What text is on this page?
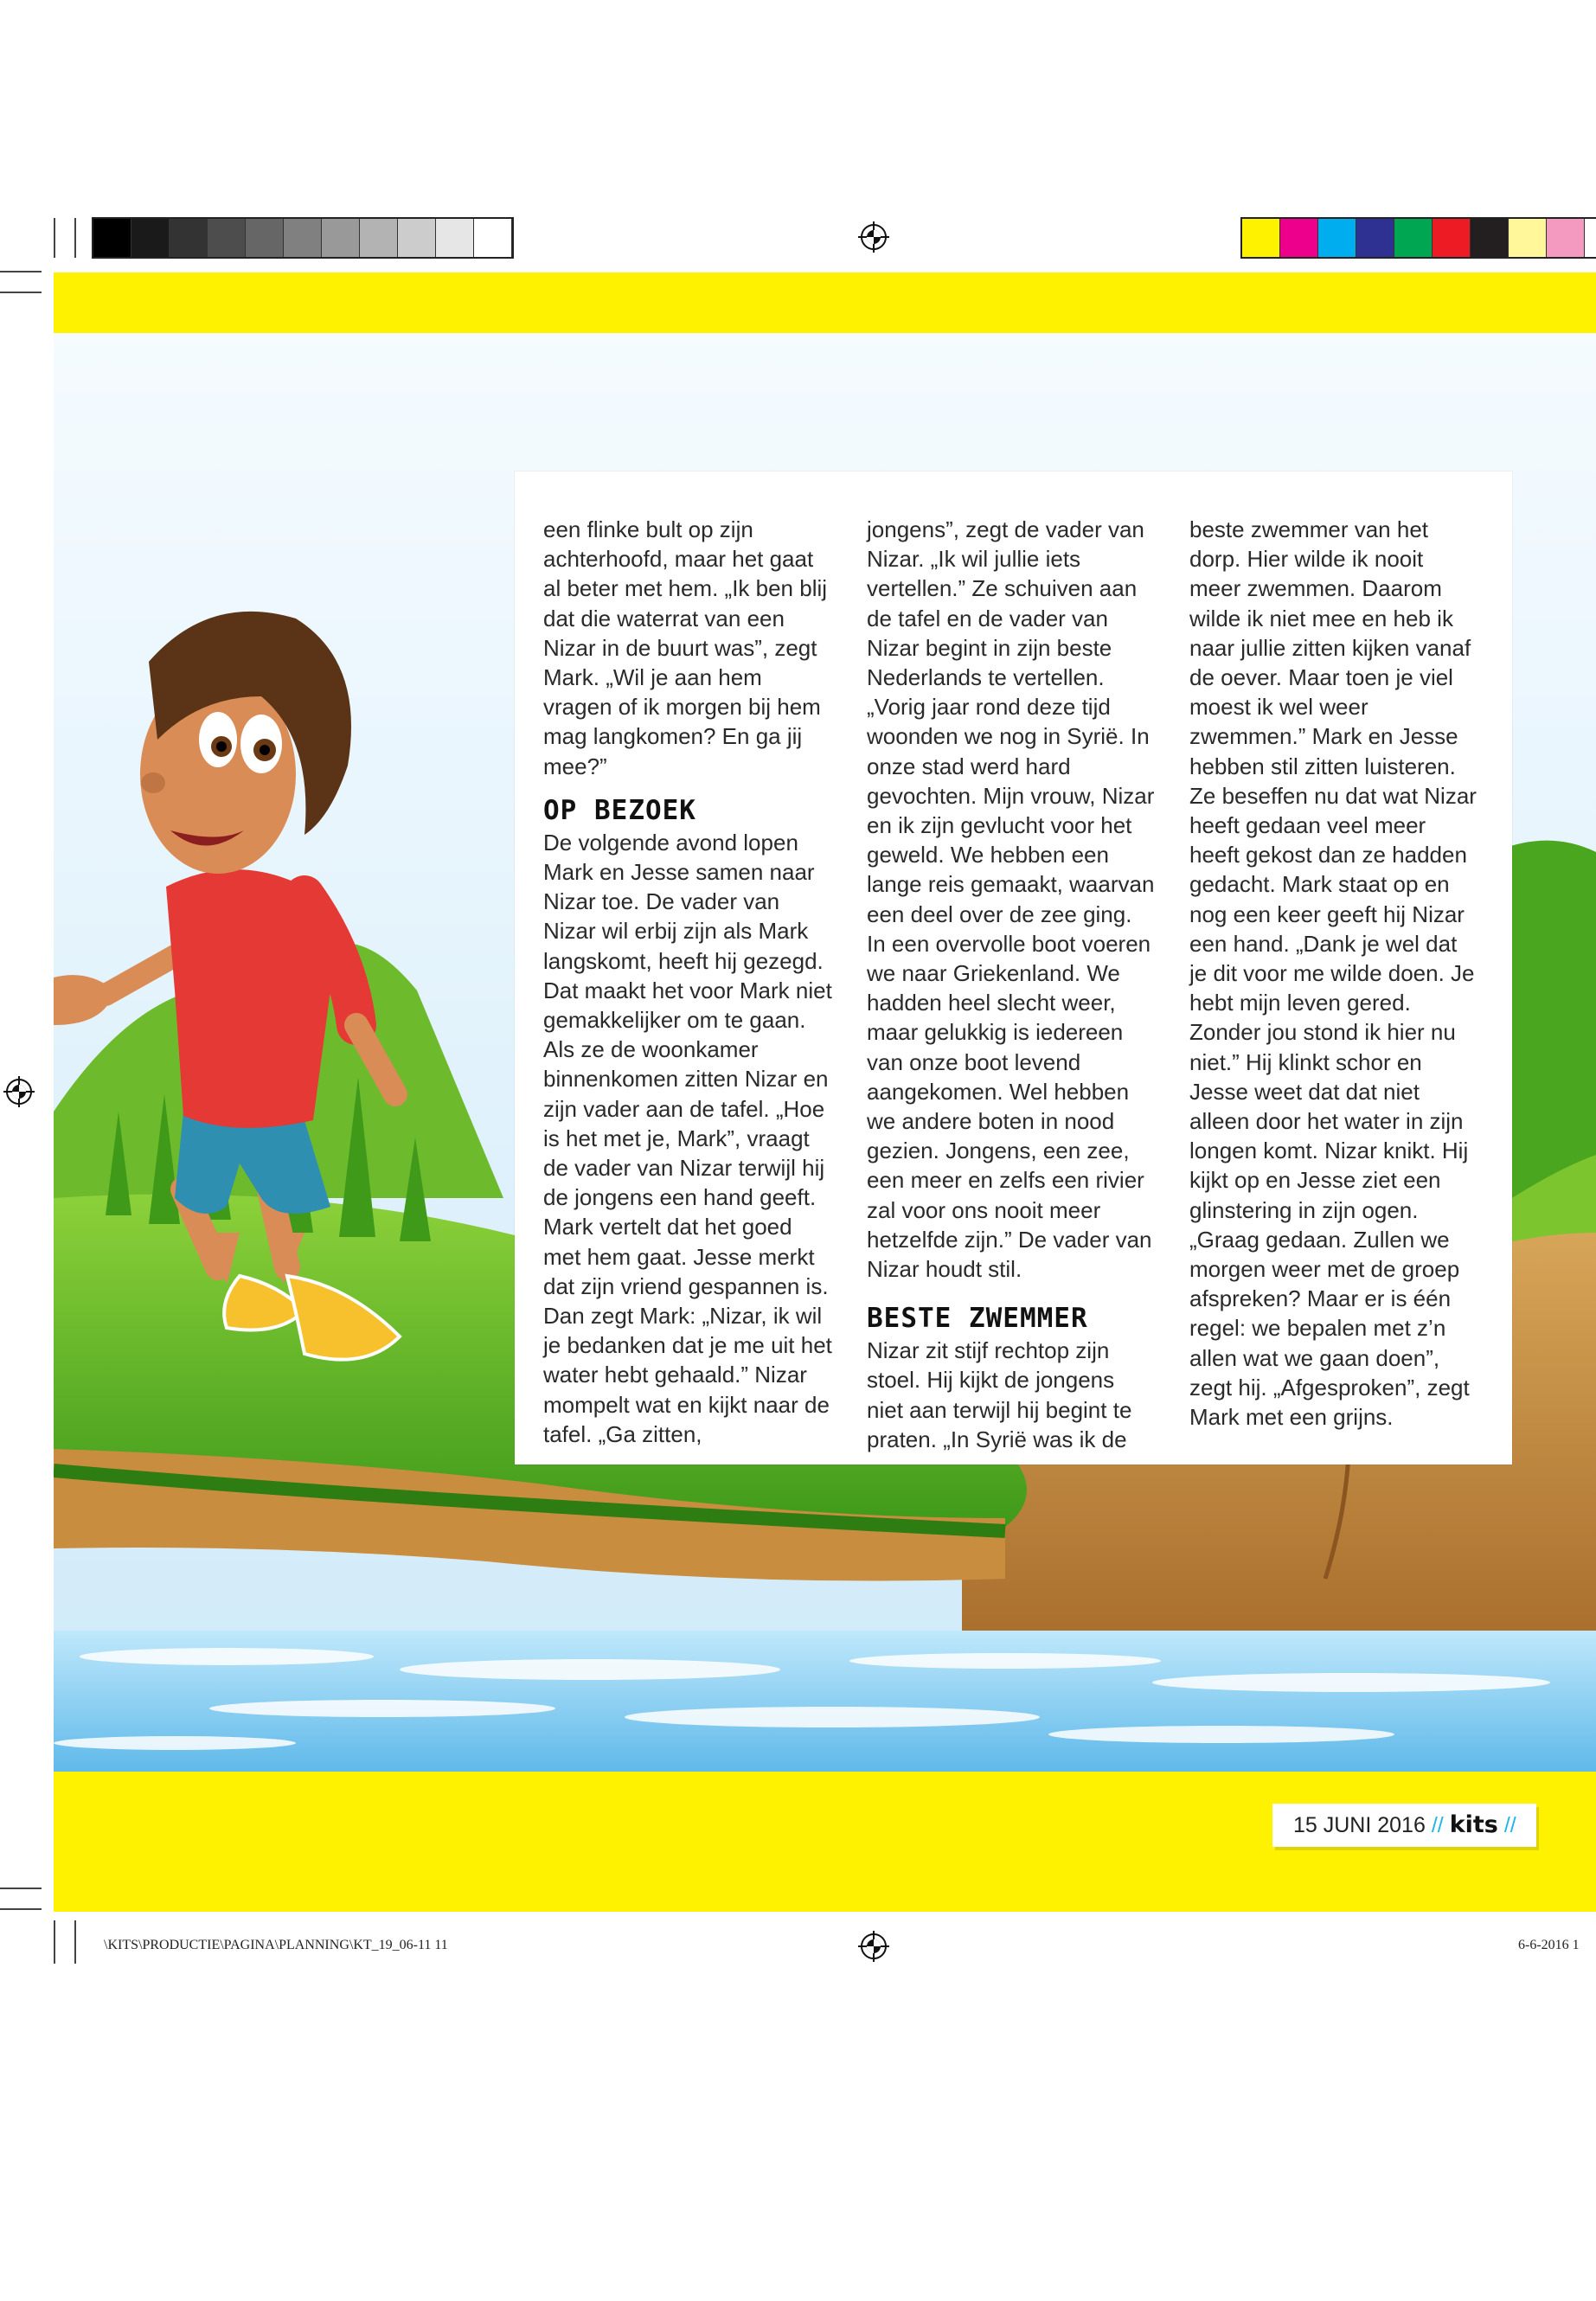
een flinke bult op zijn achterhoofd, maar het gaat al beter met hem. „Ik ben blij dat die waterrat van een Nizar in de buurt was”, zegt Mark. „Wil je aan hem vragen of ik morgen bij hem mag langkomen? En ga jij mee?”

OP BEZOEK

De volgende avond lopen Mark en Jesse samen naar Nizar toe. De vader van Nizar wil erbij zijn als Mark langskomt, heeft hij gezegd. Dat maakt het voor Mark niet gemakkelijker om te gaan. Als ze de woonkamer binnenkomen zitten Nizar en zijn vader aan de tafel. „Hoe is het met je, Mark”, vraagt de vader van Nizar terwijl hij de jongens een hand geeft. Mark vertelt dat het goed met hem gaat. Jesse merkt dat zijn vriend gespannen is. Dan zegt Mark: „Nizar, ik wil je bedanken dat je me uit het water hebt gehaald.” Nizar mompelt wat en kijkt naar de tafel. „Ga zitten,

jongens”, zegt de vader van Nizar. „Ik wil jullie iets vertellen.” Ze schuiven aan de tafel en de vader van Nizar begint in zijn beste Nederlands te vertellen. „Vorig jaar rond deze tijd woonden we nog in Syrië. In onze stad werd hard gevochten. Mijn vrouw, Nizar en ik zijn gevlucht voor het geweld. We hebben een lange reis gemaakt, waarvan een deel over de zee ging. In een overvolle boot voeren we naar Griekenland. We hadden heel slecht weer, maar gelukkig is iedereen van onze boot levend aangekomen. Wel hebben we andere boten in nood gezien. Jongens, een zee, een meer en zelfs een rivier zal voor ons nooit meer hetzelfde zijn.” De vader van Nizar houdt stil.

BESTE ZWEMMER

Nizar zit stijf rechtop zijn stoel. Hij kijkt de jongens niet aan terwijl hij begint te praten. „In Syrië was ik de

beste zwemmer van het dorp. Hier wilde ik nooit meer zwemmen. Daarom wilde ik niet mee en heb ik naar jullie zitten kijken vanaf de oever. Maar toen je viel moest ik wel weer zwemmen.” Mark en Jesse hebben stil zitten luisteren. Ze beseffen nu dat wat Nizar heeft gedaan veel meer heeft gekost dan ze hadden gedacht. Mark staat op en nog een keer geeft hij Nizar een hand. „Dank je wel dat je dit voor me wilde doen. Je hebt mijn leven gered. Zonder jou stond ik hier nu niet.” Hij klinkt schor en Jesse weet dat dat niet alleen door het water in zijn longen komt. Nizar knikt. Hij kijkt op en Jesse ziet een glinstering in zijn ogen. „Graag gedaan. Zullen we morgen weer met de groep afspreken? Maar er is één regel: we bepalen met z’n allen wat we gaan doen”, zegt hij. „Afgesproken”, zegt Mark met een grijns.

15 JUNI 2016 // kits //
\KITS\PRODUCTIE\PAGINA\PLANNING\KT_19_06-11 11	6-6-2016 1
